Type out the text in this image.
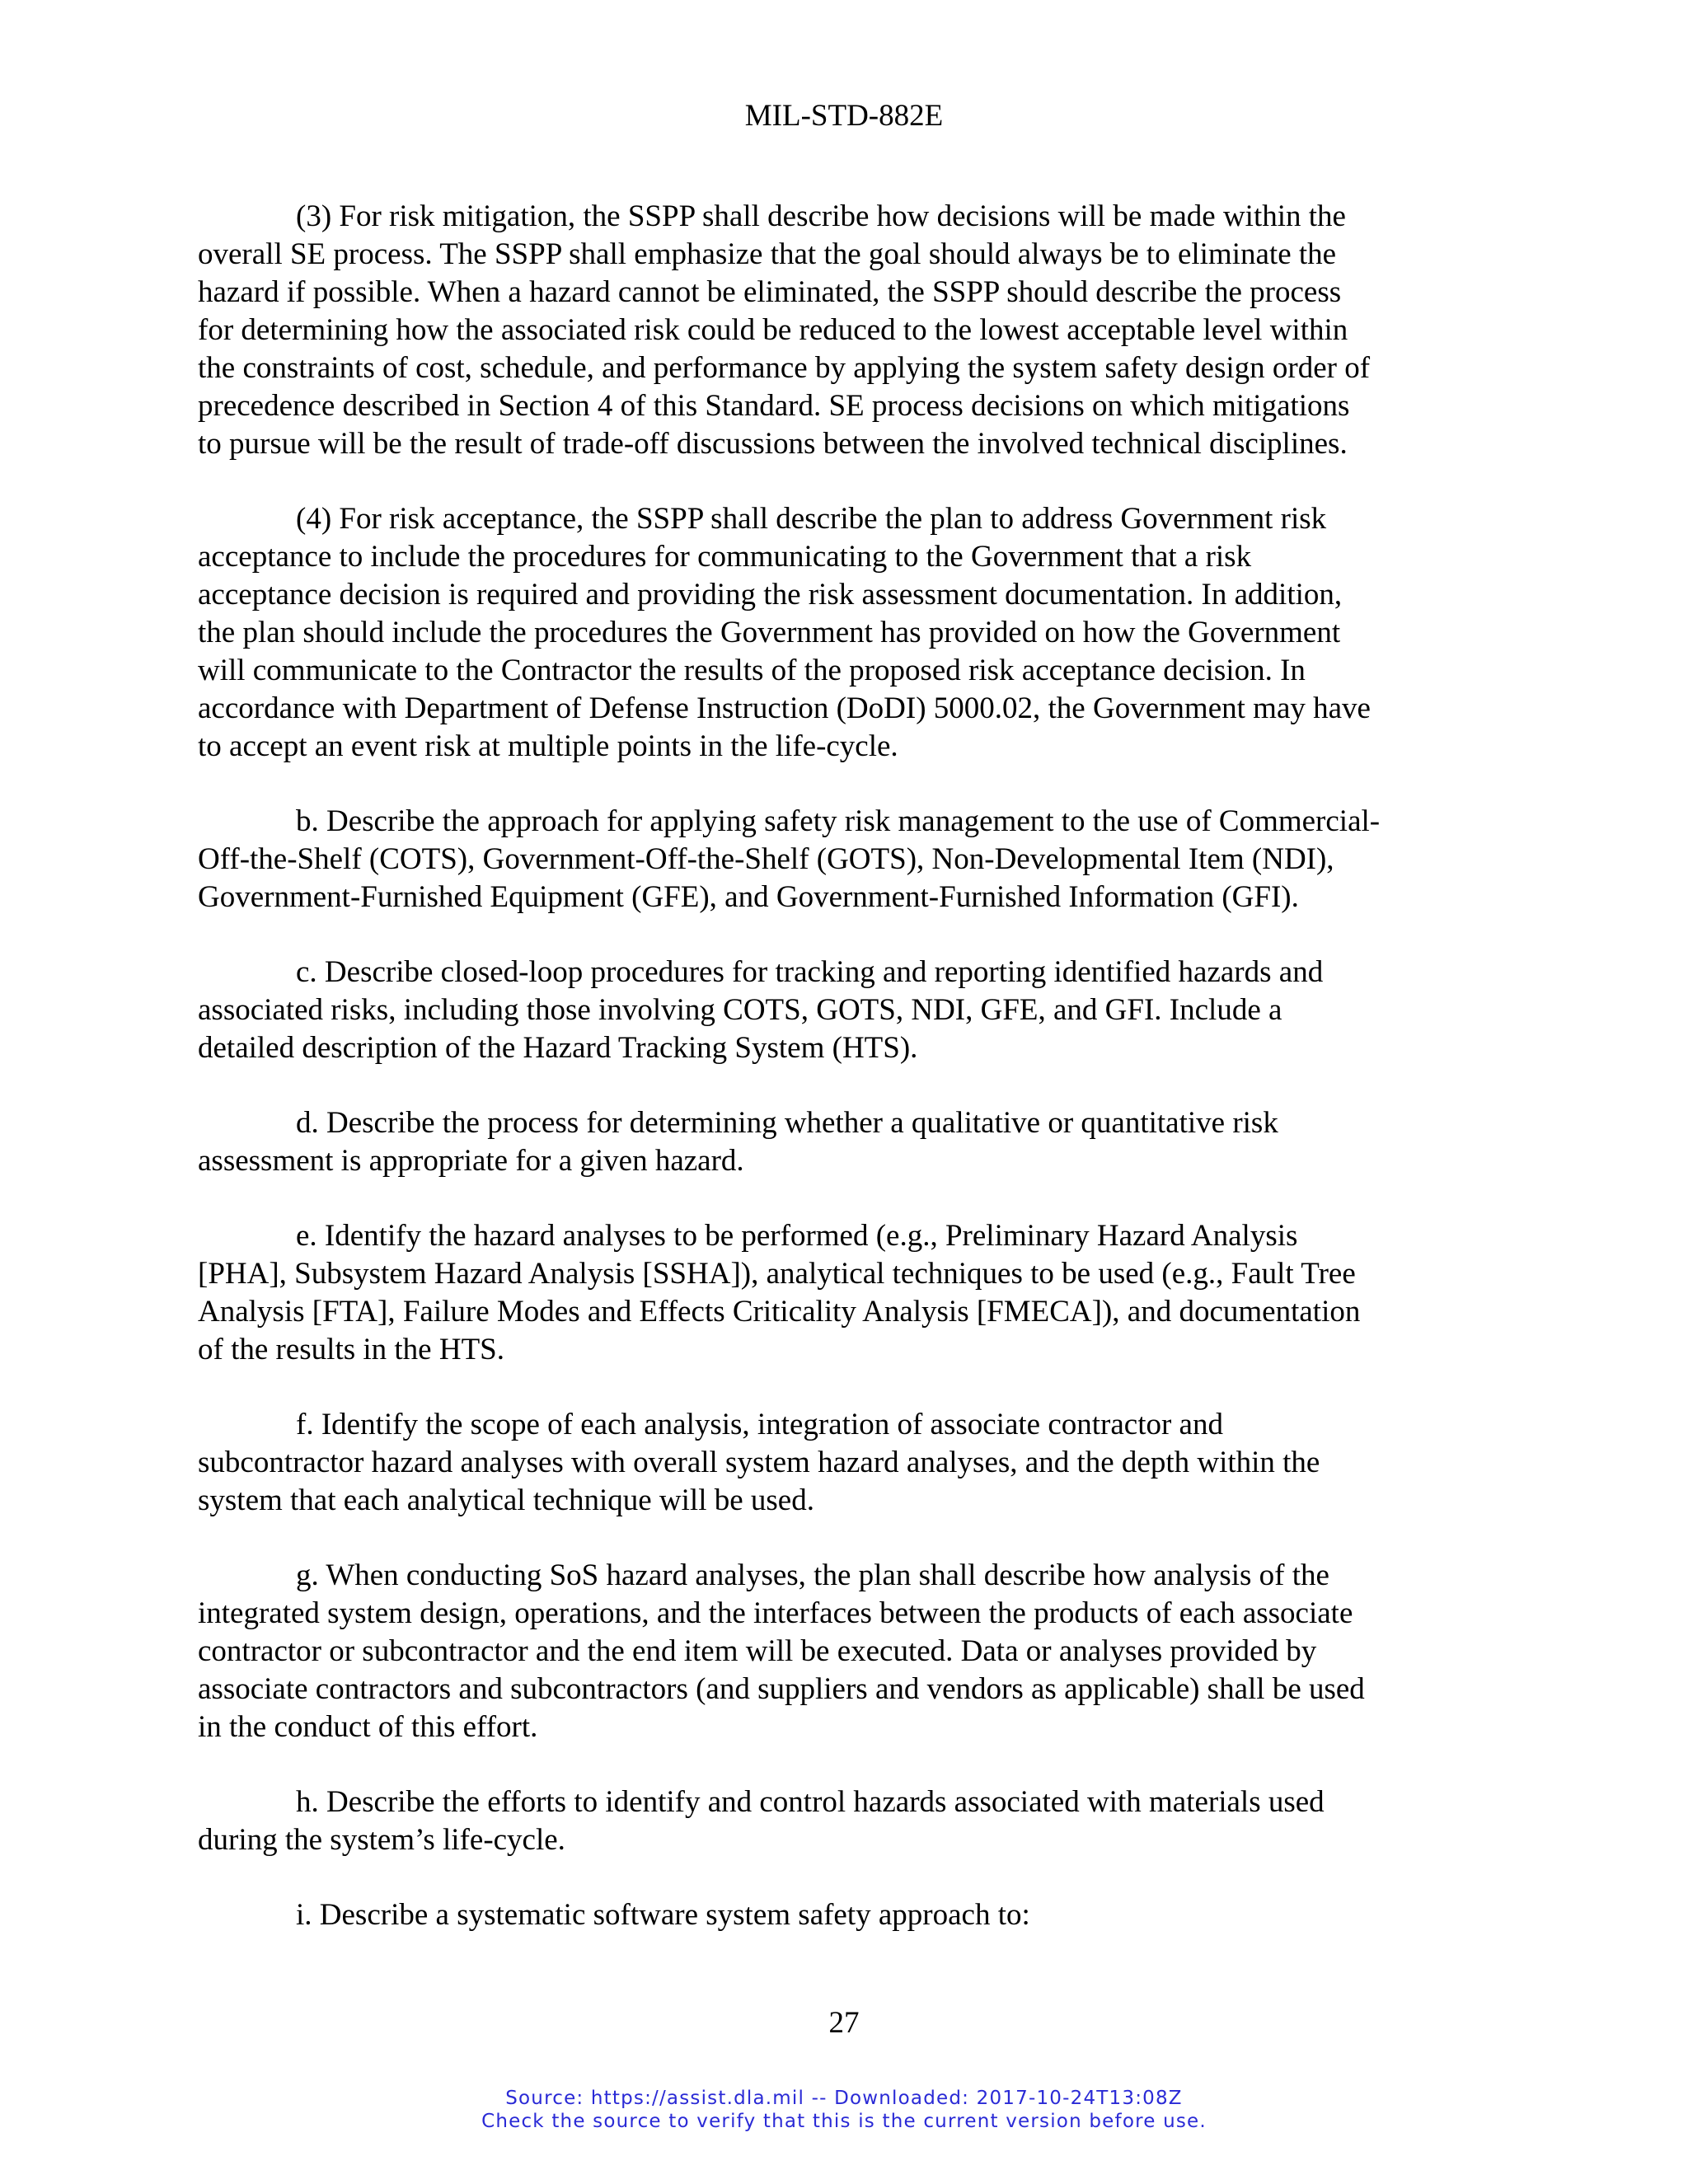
MIL-STD-882E
(3) For risk mitigation, the SSPP shall describe how decisions will be made within the
overall SE process. The SSPP shall emphasize that the goal should always be to eliminate the
hazard if possible. When a hazard cannot be eliminated, the SSPP should describe the process
for determining how the associated risk could be reduced to the lowest acceptable level within
the constraints of cost, schedule, and performance by applying the system safety design order of
precedence described in Section 4 of this Standard. SE process decisions on which mitigations
to pursue will be the result of trade-off discussions between the involved technical disciplines.
(4) For risk acceptance, the SSPP shall describe the plan to address Government risk
acceptance to include the procedures for communicating to the Government that a risk
acceptance decision is required and providing the risk assessment documentation. In addition,
the plan should include the procedures the Government has provided on how the Government
will communicate to the Contractor the results of the proposed risk acceptance decision. In
accordance with Department of Defense Instruction (DoDI) 5000.02, the Government may have
to accept an event risk at multiple points in the life-cycle.
b. Describe the approach for applying safety risk management to the use of Commercial-
Off-the-Shelf (COTS), Government-Off-the-Shelf (GOTS), Non-Developmental Item (NDI),
Government-Furnished Equipment (GFE), and Government-Furnished Information (GFI).
c. Describe closed-loop procedures for tracking and reporting identified hazards and
associated risks, including those involving COTS, GOTS, NDI, GFE, and GFI. Include a
detailed description of the Hazard Tracking System (HTS).
d. Describe the process for determining whether a qualitative or quantitative risk
assessment is appropriate for a given hazard.
e. Identify the hazard analyses to be performed (e.g., Preliminary Hazard Analysis
[PHA], Subsystem Hazard Analysis [SSHA]), analytical techniques to be used (e.g., Fault Tree
Analysis [FTA], Failure Modes and Effects Criticality Analysis [FMECA]), and documentation
of the results in the HTS.
f. Identify the scope of each analysis, integration of associate contractor and
subcontractor hazard analyses with overall system hazard analyses, and the depth within the
system that each analytical technique will be used.
g. When conducting SoS hazard analyses, the plan shall describe how analysis of the
integrated system design, operations, and the interfaces between the products of each associate
contractor or subcontractor and the end item will be executed. Data or analyses provided by
associate contractors and subcontractors (and suppliers and vendors as applicable) shall be used
in the conduct of this effort.
h. Describe the efforts to identify and control hazards associated with materials used
during the system’s life-cycle.
i. Describe a systematic software system safety approach to:
27
Source: https://assist.dla.mil -- Downloaded: 2017-10-24T13:08Z
Check the source to verify that this is the current version before use.
